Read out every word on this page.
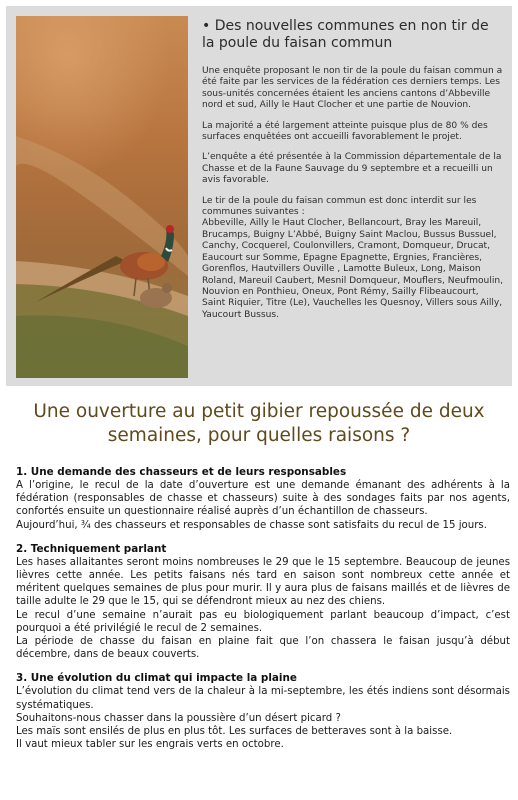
• Des nouvelles communes en non tir de la poule du faisan commun

Une enquête proposant le non tir de la poule du faisan commun a été faite par les services de la fédération ces derniers temps. Les sous-unités concernées étaient les anciens cantons d’Abbeville nord et sud, Ailly le Haut Clocher et une partie de Nouvion.

La majorité a été largement atteinte puisque plus de 80 % des surfaces enquêtées ont accueilli favorablement le projet.

L’enquête a été présentée à la Commission départementale de la Chasse et de la Faune Sauvage du 9 septembre et a recueilli un avis favorable.

Le tir de la poule du faisan commun est donc interdit sur les communes suivantes :

Abbeville, Ailly le Haut Clocher, Bellancourt, Bray les Mareuil, Brucamps, Buigny L’Abbé, Buigny Saint Maclou, Bussus Bussuel, Canchy, Cocquerel, Coulonvillers, Cramont, Domqueur, Drucat, Eaucourt sur Somme, Epagne Epagnette, Ergnies, Francières, Gorenflos, Hautvillers Ouville , Lamotte Buleux, Long, Maison Roland, Mareuil Caubert, Mesnil Domqueur, Mouflers, Neufmoulin, Nouvion en Ponthieu, Oneux, Pont Rémy, Sailly Flibeaucourt, Saint Riquier, Titre (Le), Vauchelles les Quesnoy, Villers sous Ailly, Yaucourt Bussus.

Une ouverture au petit gibier repoussée de deux semaines, pour quelles raisons ?
1. Une demande des chasseurs et de leurs responsables

A l’origine, le recul de la date d’ouverture est une demande émanant des adhérents à la fédération (responsables de chasse et chasseurs) suite à des sondages faits par nos agents, confortés ensuite un questionnaire réalisé auprès d’un échantillon de chasseurs.

Aujourd’hui, ¾ des chasseurs et responsables de chasse sont satisfaits du recul de 15 jours.

2. Techniquement parlant

Les hases allaitantes seront moins nombreuses le 29 que le 15 septembre. Beaucoup de jeunes lièvres cette année. Les petits faisans nés tard en saison sont nombreux cette année et méritent quelques semaines de plus pour murir. Il y aura plus de faisans maillés et de lièvres de taille adulte le 29 que le 15, qui se défendront mieux au nez des chiens.

Le recul d’une semaine n’aurait pas eu biologiquement parlant beaucoup d’impact, c’est pourquoi a été privilégié le recul de 2 semaines.

La période de chasse du faisan en plaine fait que l’on chassera le faisan jusqu’à début décembre, dans de beaux couverts.

3. Une évolution du climat qui impacte la plaine

L’évolution du climat tend vers de la chaleur à la mi-septembre, les étés indiens sont désormais systématiques.

Souhaitons-nous chasser dans la poussière d’un désert picard ?

Les maïs sont ensilés de plus en plus tôt. Les surfaces de betteraves sont à la baisse.

Il vaut mieux tabler sur les engrais verts en octobre.
